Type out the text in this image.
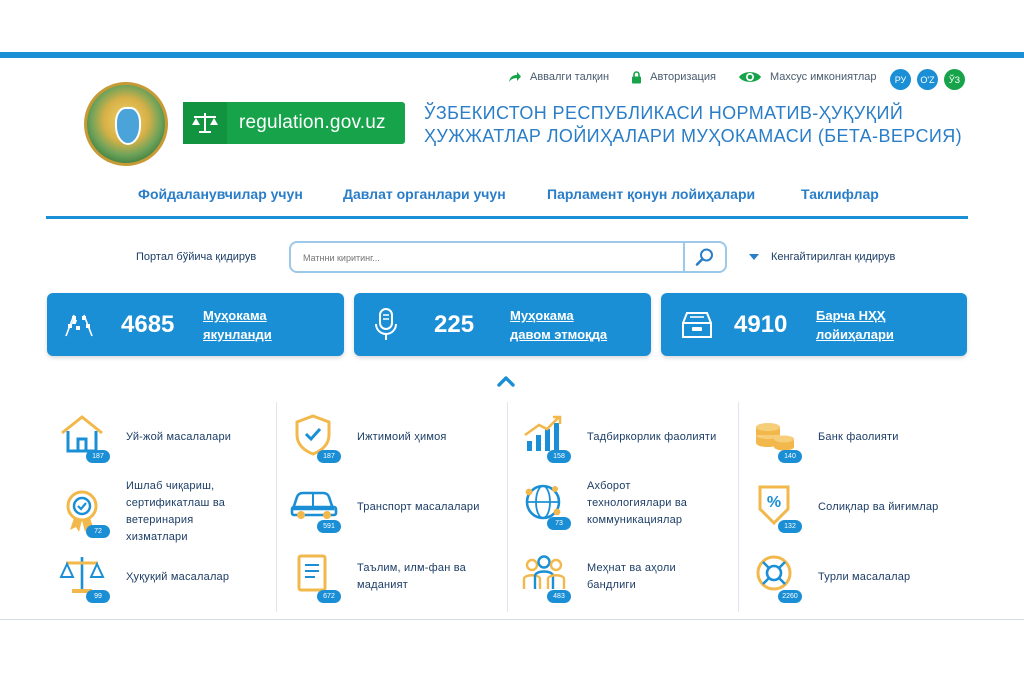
regulation.gov.uz ЎЗБЕКИСТОН РЕСПУБЛИКАСИ НОРМАТИВ-ҲУҚУҚИЙ
ҲУЖЖАТЛАР ЛОЙИҲАЛАРИ МУҲОКАМАСИ (БЕТА-ВЕРСИЯ)
Аввалги талқин	Авторизация	Махсус имкониятлар	РУ	O'Z	ЎЗ
Фойдаланувчилар учун	Давлат органлари учун	Парламент қонун лойиҳалари	Таклифлар
Портал бўйича қидирув
Матнни киритинг...	Кенгайтирилган қидирув
4685 Муҳокама
якунланди	225	Муҳокама
давом этмоқда	4910 Барча НҲҲ
лойиҳалари
187
Уй-жой масалалари
72
Ишлаб чиқариш, сертификатлаш ва ветеринария хизматлари
99
Ҳуқуқий масалалар
187
Ижтимоий ҳимоя
591
Транспорт масалалари
672
Таълим, илм-фан ва маданият
158
Тадбиркорлик фаолияти
73
Ахборот технологиялари ва коммуникациялар
483
Меҳнат ва аҳоли бандлиги
140
Банк фаолияти
%
132
Солиқлар ва йиғимлар
2260
Турли масалалар
